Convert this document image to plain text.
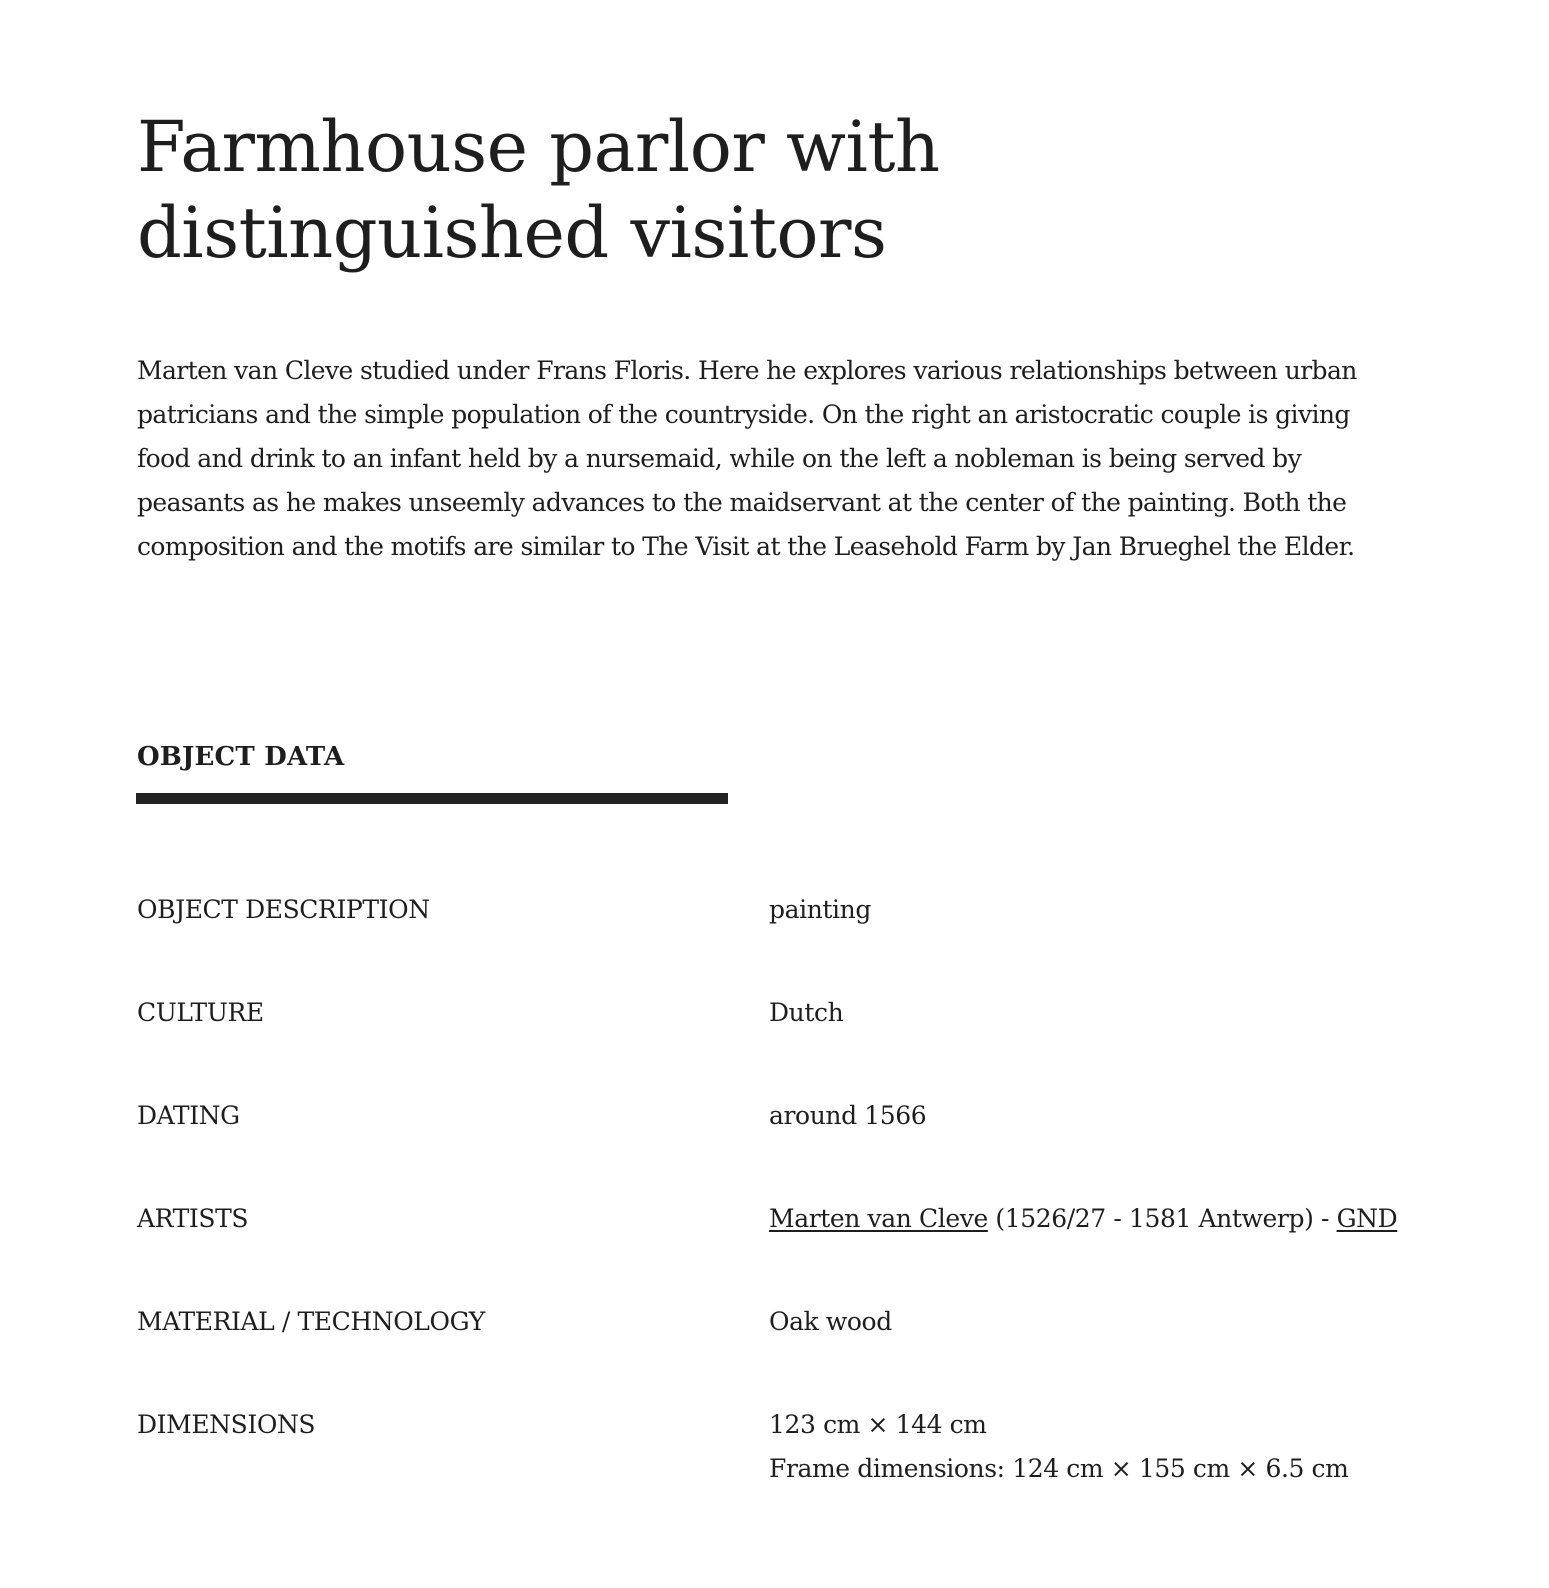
Farmhouse parlor with distinguished visitors

Marten van Cleve studied under Frans Floris. Here he explores various relationships between urban patricians and the simple population of the countryside. On the right an aristocratic couple is giving food and drink to an infant held by a nursemaid, while on the left a nobleman is being served by peasants as he makes unseemly advances to the maidservant at the center of the painting. Both the composition and the motifs are similar to The Visit at the Leasehold Farm by Jan Brueghel the Elder.

OBJECT DATA
OBJECT DESCRIPTION	painting
CULTURE	Dutch
DATING	around 1566
ARTISTS	Marten van Cleve (1526/27 - 1581 Antwerp) - GND
MATERIAL / TECHNOLOGY	Oak wood
DIMENSIONS	123 cm × 144 cm
Frame dimensions: 124 cm × 155 cm × 6.5 cm
